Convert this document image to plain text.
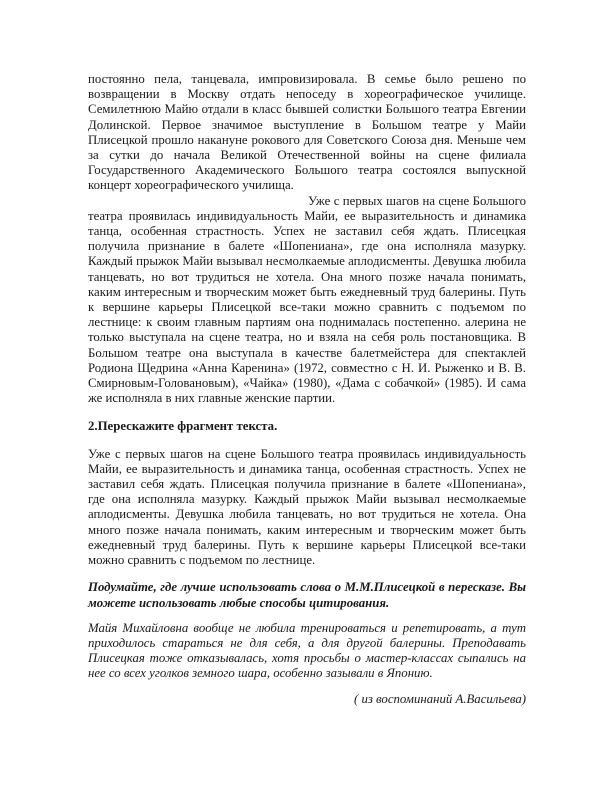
постоянно пела, танцевала, импровизировала. В семье было решено по возвращении в Москву отдать непоседу в хореографическое училище. Семилетнюю Майю отдали в класс бывшей солистки Большого театра Евгении Долинской. Первое значимое выступление в Большом театре у Майи Плисецкой прошло накануне рокового для Советского Союза дня. Меньше чем за сутки до начала Великой Отечественной войны на сцене филиала Государственного Академического Большого театра состоялся выпускной концерт хореографического училища.

Уже с первых шагов на сцене Большого театра проявилась индивидуальность Майи, ее выразительность и динамика танца, особенная страстность. Успех не заставил себя ждать. Плисецкая получила признание в балете «Шопениана», где она исполняла мазурку. Каждый прыжок Майи вызывал несмолкаемые аплодисменты. Девушка любила танцевать, но вот трудиться не хотела. Она много позже начала понимать, каким интересным и творческим может быть ежедневный труд балерины. Путь к вершине карьеры Плисецкой все-таки можно сравнить с подъемом по лестнице: к своим главным партиям она поднималась постепенно. алерина не только выступала на сцене театра, но и взяла на себя роль постановщика. В Большом театре она выступала в качестве балетмейстера для спектаклей Родиона Щедрина «Анна Каренина» (1972, совместно с Н. И. Рыженко и В. В. Смирновым-Головановым), «Чайка» (1980), «Дама с собачкой» (1985). И сама же исполняла в них главные женские партии.

2.Перескажите фрагмент текста.

Уже с первых шагов на сцене Большого театра проявилась индивидуальность Майи, ее выразительность и динамика танца, особенная страстность. Успех не заставил себя ждать. Плисецкая получила признание в балете «Шопениана», где она исполняла мазурку. Каждый прыжок Майи вызывал несмолкаемые аплодисменты. Девушка любила танцевать, но вот трудиться не хотела. Она много позже начала понимать, каким интересным и творческим может быть ежедневный труд балерины. Путь к вершине карьеры Плисецкой все-таки можно сравнить с подъемом по лестнице.

Подумайте, где лучше использовать слова о М.М.Плисецкой в пересказе. Вы можете использовать любые способы цитирования.

Майя Михайловна вообще не любила тренироваться и репетировать, а тут приходилось стараться не для себя, а для другой балерины. Преподавать Плисецкая тоже отказывалась, хотя просьбы о мастер-классах сыпались на нее со всех уголков земного шара, особенно зазывали в Японию.

( из воспоминаний А.Васильева)
